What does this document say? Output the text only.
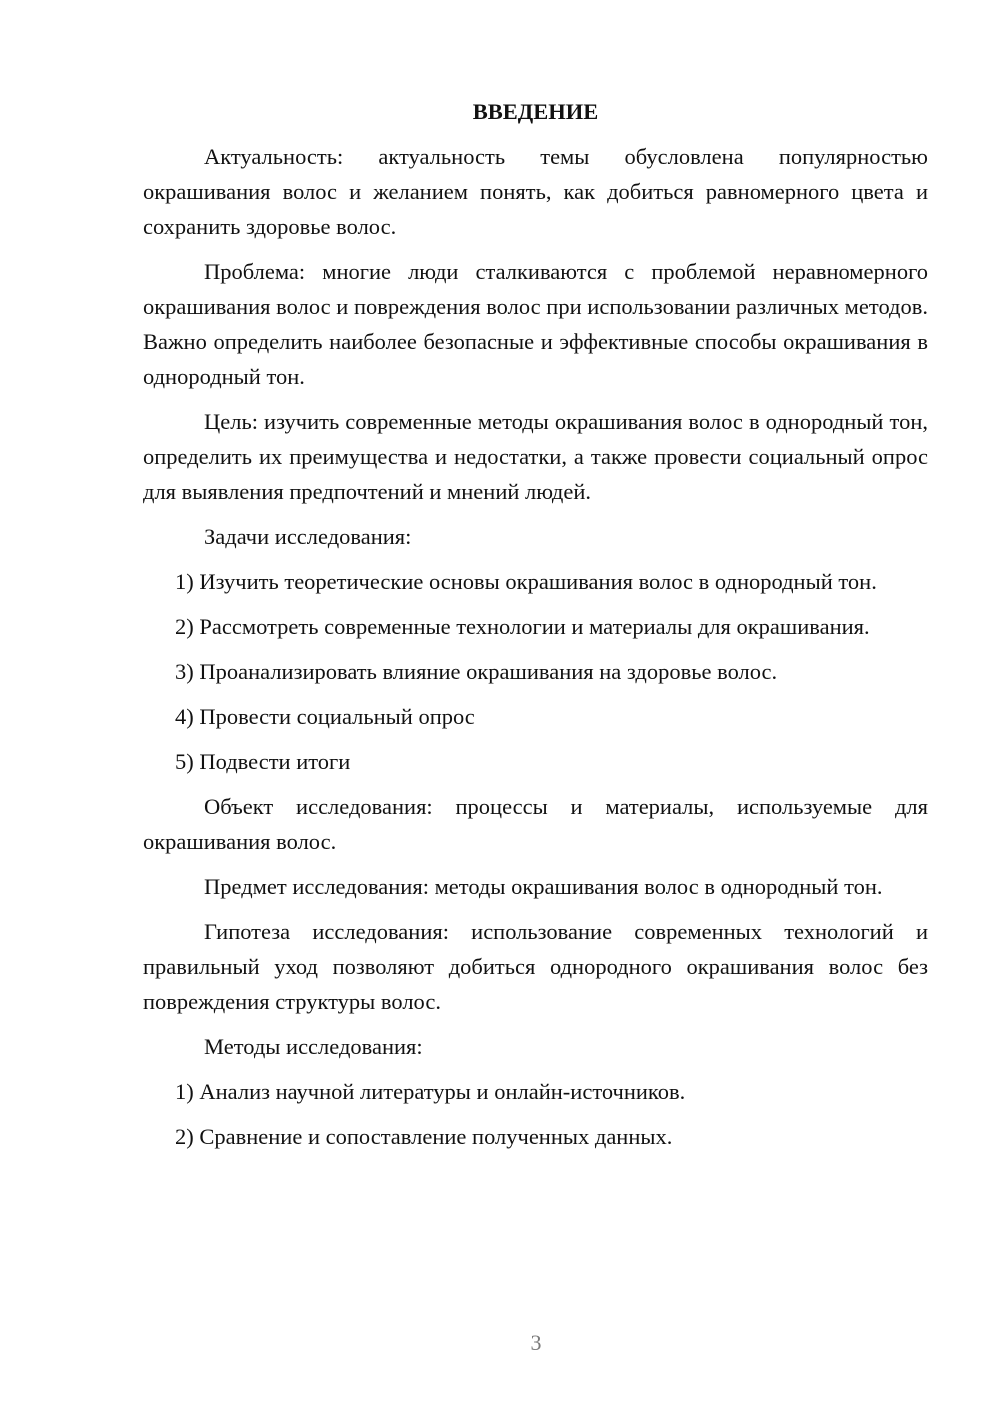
ВВЕДЕНИЕ

Актуальность: актуальность темы обусловлена популярностью окрашивания волос и желанием понять, как добиться равномерного цвета и сохранить здоровье волос.

Проблема: многие люди сталкиваются с проблемой неравномерного окрашивания волос и повреждения волос при использовании различных методов. Важно определить наиболее безопасные и эффективные способы окрашивания в однородный тон.

Цель: изучить современные методы окрашивания волос в однородный тон, определить их преимущества и недостатки, а также провести социальный опрос для выявления предпочтений и мнений людей.

Задачи исследования:

1) Изучить теоретические основы окрашивания волос в однородный тон.

2) Рассмотреть современные технологии и материалы для окрашивания.

3) Проанализировать влияние окрашивания на здоровье волос.

4) Провести социальный опрос

5) Подвести итоги

Объект исследования: процессы и материалы, используемые для окрашивания волос.

Предмет исследования: методы окрашивания волос в однородный тон.

Гипотеза исследования: использование современных технологий и правильный уход позволяют добиться однородного окрашивания волос без повреждения структуры волос.

Методы исследования:

1) Анализ научной литературы и онлайн-источников.

2) Сравнение и сопоставление полученных данных.

3
